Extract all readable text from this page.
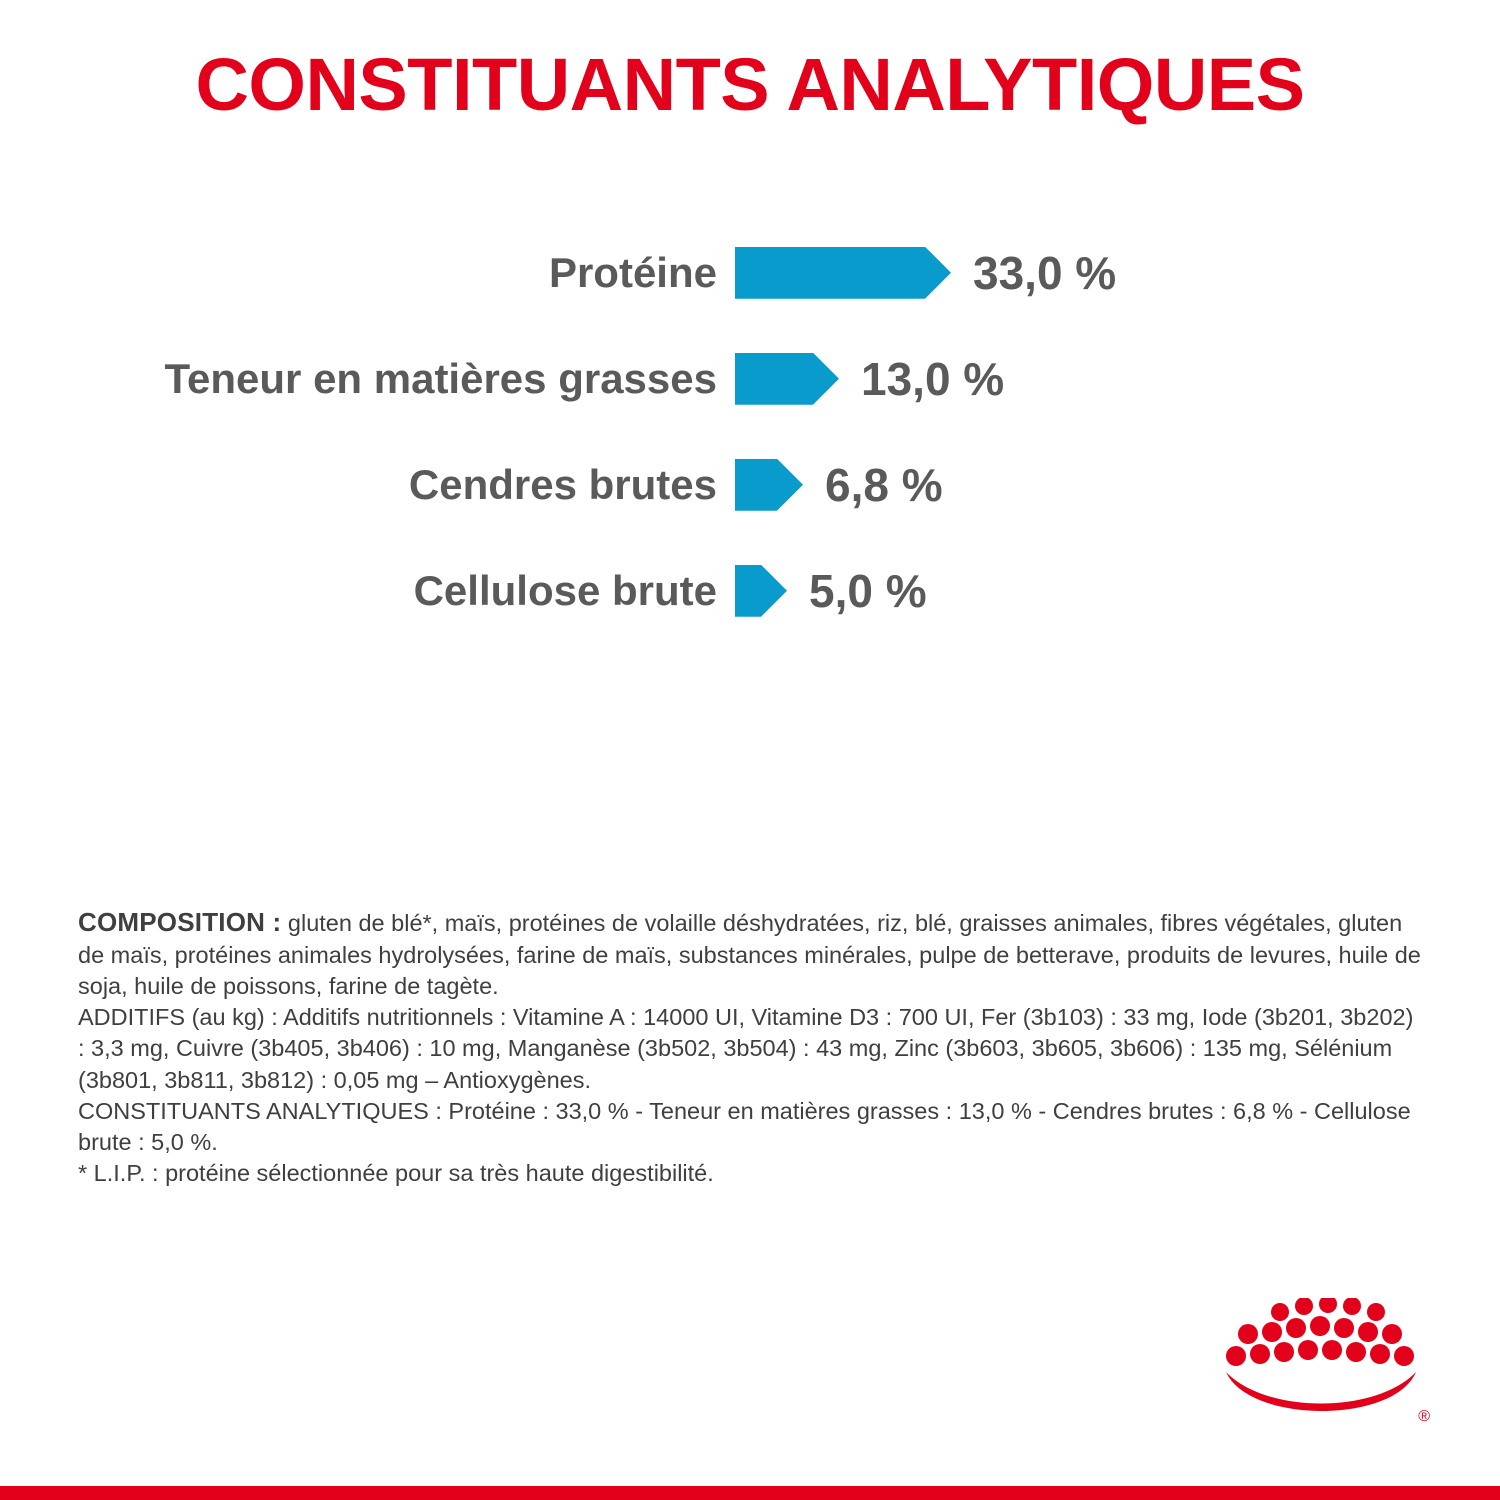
CONSTITUANTS ANALYTIQUES
Protéine	33,0 %
Teneur en matières grasses	13,0 %
Cendres brutes	6,8 %
Cellulose brute	5,0 %

COMPOSITION : gluten de blé*, maïs, protéines de volaille déshydratées, riz, blé, graisses animales, fibres végétales, gluten de maïs, protéines animales hydrolysées, farine de maïs, substances minérales, pulpe de betterave, produits de levures, huile de soja, huile de poissons, farine de tagète.

ADDITIFS (au kg) : Additifs nutritionnels : Vitamine A : 14000 UI, Vitamine D3 : 700 UI, Fer (3b103) : 33 mg, Iode (3b201, 3b202) : 3,3 mg, Cuivre (3b405, 3b406) : 10 mg, Manganèse (3b502, 3b504) : 43 mg, Zinc (3b603, 3b605, 3b606) : 135 mg, Sélénium (3b801, 3b811, 3b812) : 0,05 mg – Antioxygènes.

CONSTITUANTS ANALYTIQUES : Protéine : 33,0 % - Teneur en matières grasses : 13,0 % - Cendres brutes : 6,8 % - Cellulose brute : 5,0 %.

* L.I.P. : protéine sélectionnée pour sa très haute digestibilité.

®
